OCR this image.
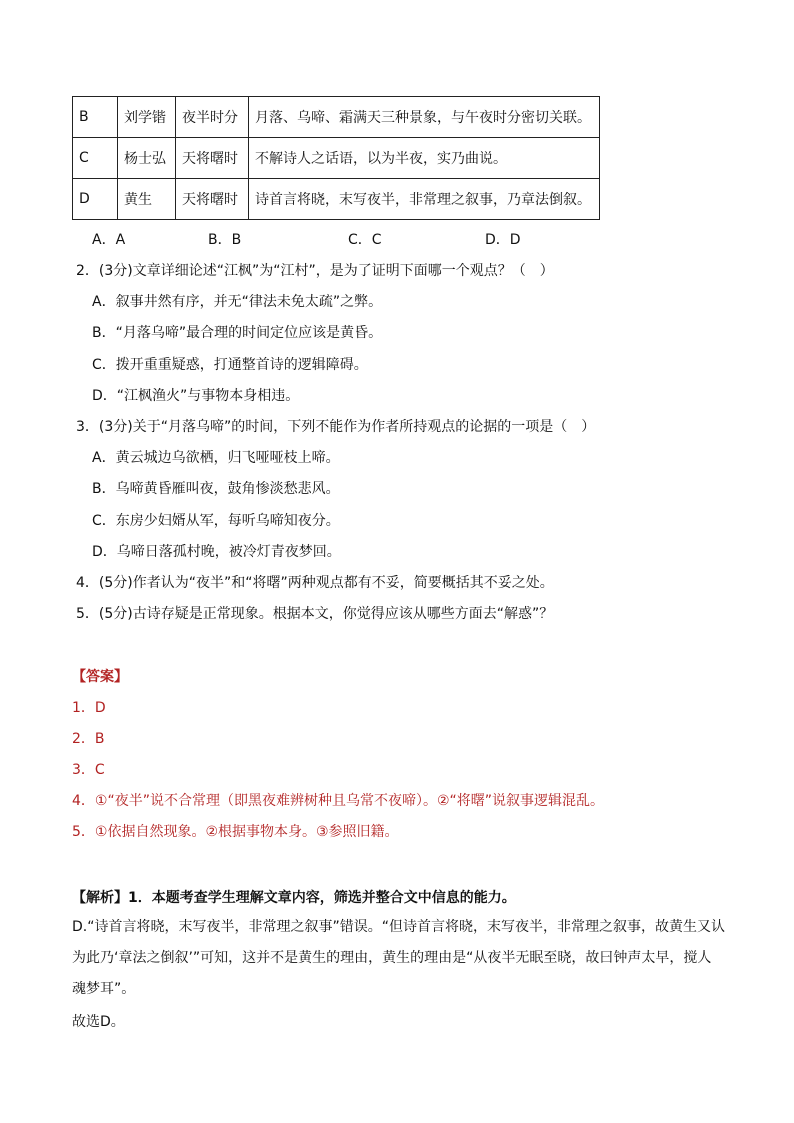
B	刘学锴	夜半时分	月落、乌啼、霜满天三种景象，与午夜时分密切关联。
C	杨士弘	天将曙时	不解诗人之话语，以为半夜，实乃曲说。
D	黄生	天将曙时	诗首言将晓，末写夜半，非常理之叙事，乃章法倒叙。
A．A	B．B	C．C	D．D
2．(3分)文章详细论述“江枫”为“江村”，是为了证明下面哪一个观点？（　）
A．叙事井然有序，并无“律法未免太疏”之弊。
B．“月落乌啼”最合理的时间定位应该是黄昏。
C．拨开重重疑惑，打通整首诗的逻辑障碍。
D．“江枫渔火”与事物本身相违。
3．(3分)关于“月落乌啼”的时间，下列不能作为作者所持观点的论据的一项是（　）
A．黄云城边乌欲栖，归飞哑哑枝上啼。
B．乌啼黄昏雁叫夜，鼓角惨淡愁悲风。
C．东房少妇婿从军，每听乌啼知夜分。
D．乌啼日落孤村晚，被冷灯青夜梦回。
4．(5分)作者认为“夜半”和“将曙”两种观点都有不妥，简要概括其不妥之处。
5．(5分)古诗存疑是正常现象。根据本文，你觉得应该从哪些方面去“解惑”？
【答案】
1．D
2．B
3．C
4．①“夜半”说不合常理（即黑夜难辨树种且乌常不夜啼）。②“将曙”说叙事逻辑混乱。
5．①依据自然现象。②根据事物本身。③参照旧籍。
【解析】1．本题考查学生理解文章内容，筛选并整合文中信息的能力。
D.“诗首言将晓，末写夜半，非常理之叙事”错误。“但诗首言将晓，末写夜半，非常理之叙事，故黄生又认
为此乃‘章法之倒叙’”可知，这并不是黄生的理由，黄生的理由是“从夜半无眠至晓，故曰钟声太早，搅人
魂梦耳”。
故选D。
